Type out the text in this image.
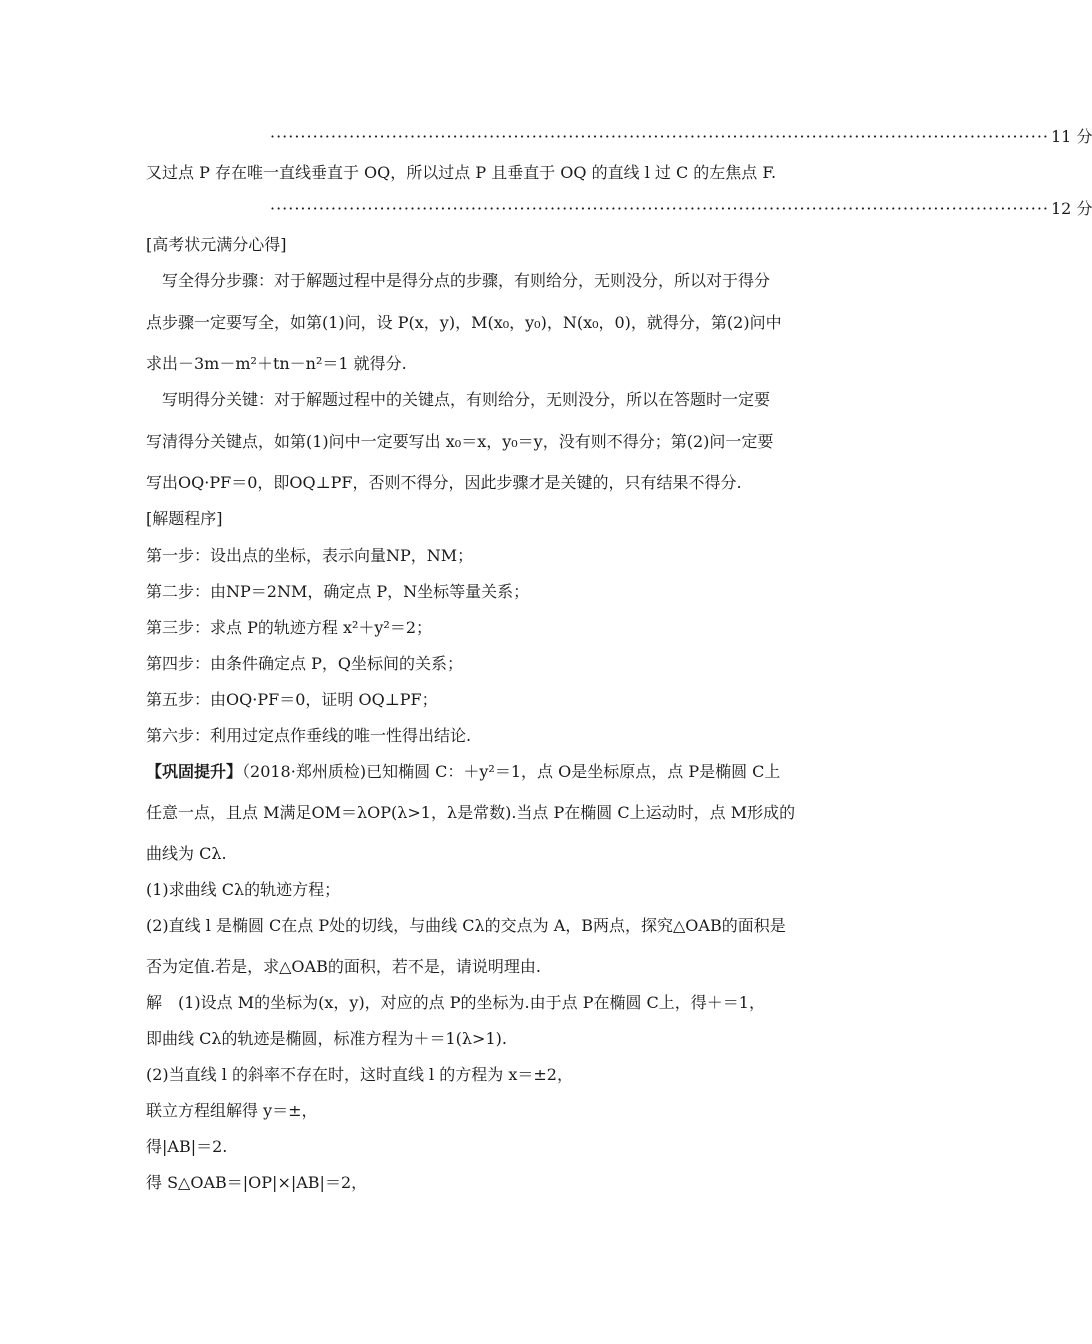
································································································································ 11 分
又过点 P 存在唯一直线垂直于 OQ，所以过点 P 且垂直于 OQ 的直线 l 过 C 的左焦点 F.
································································································································ 12 分
[高考状元满分心得]
写全得分步骤：对于解题过程中是得分点的步骤，有则给分，无则没分，所以对于得分
点步骤一定要写全，如第(1)问，设 P(x，y)，M(x₀，y₀)，N(x₀，0)，就得分，第(2)问中
求出－3m－m²＋tn－n²＝1 就得分.
写明得分关键：对于解题过程中的关键点，有则给分，无则没分，所以在答题时一定要
写清得分关键点，如第(1)问中一定要写出 x₀＝x，y₀＝y，没有则不得分；第(2)问一定要
写出OQ·PF＝0，即OQ⊥PF，否则不得分，因此步骤才是关键的，只有结果不得分.
[解题程序]
第一步：设出点的坐标，表示向量NP，NM；
第二步：由NP＝2NM，确定点 P，N坐标等量关系；
第三步：求点 P的轨迹方程 x²＋y²＝2；
第四步：由条件确定点 P，Q坐标间的关系；
第五步：由OQ·PF＝0，证明 OQ⊥PF；
第六步：利用过定点作垂线的唯一性得出结论.
【巩固提升】（2018·郑州质检)已知椭圆 C：＋y²＝1，点 O是坐标原点，点 P是椭圆 C上
任意一点，且点 M满足OM＝λOP(λ>1，λ是常数).当点 P在椭圆 C上运动时，点 M形成的
曲线为 Cλ.
(1)求曲线 Cλ的轨迹方程；
(2)直线 l 是椭圆 C在点 P处的切线，与曲线 Cλ的交点为 A，B两点，探究△OAB的面积是
否为定值.若是，求△OAB的面积，若不是，请说明理由.
解　(1)设点 M的坐标为(x，y)，对应的点 P的坐标为.由于点 P在椭圆 C上，得＋＝1，
即曲线 Cλ的轨迹是椭圆，标准方程为＋＝1(λ>1).
(2)当直线 l 的斜率不存在时，这时直线 l 的方程为 x＝±2，
联立方程组解得 y＝±，
得|AB|＝2.
得 S△OAB＝|OP|×|AB|＝2，
